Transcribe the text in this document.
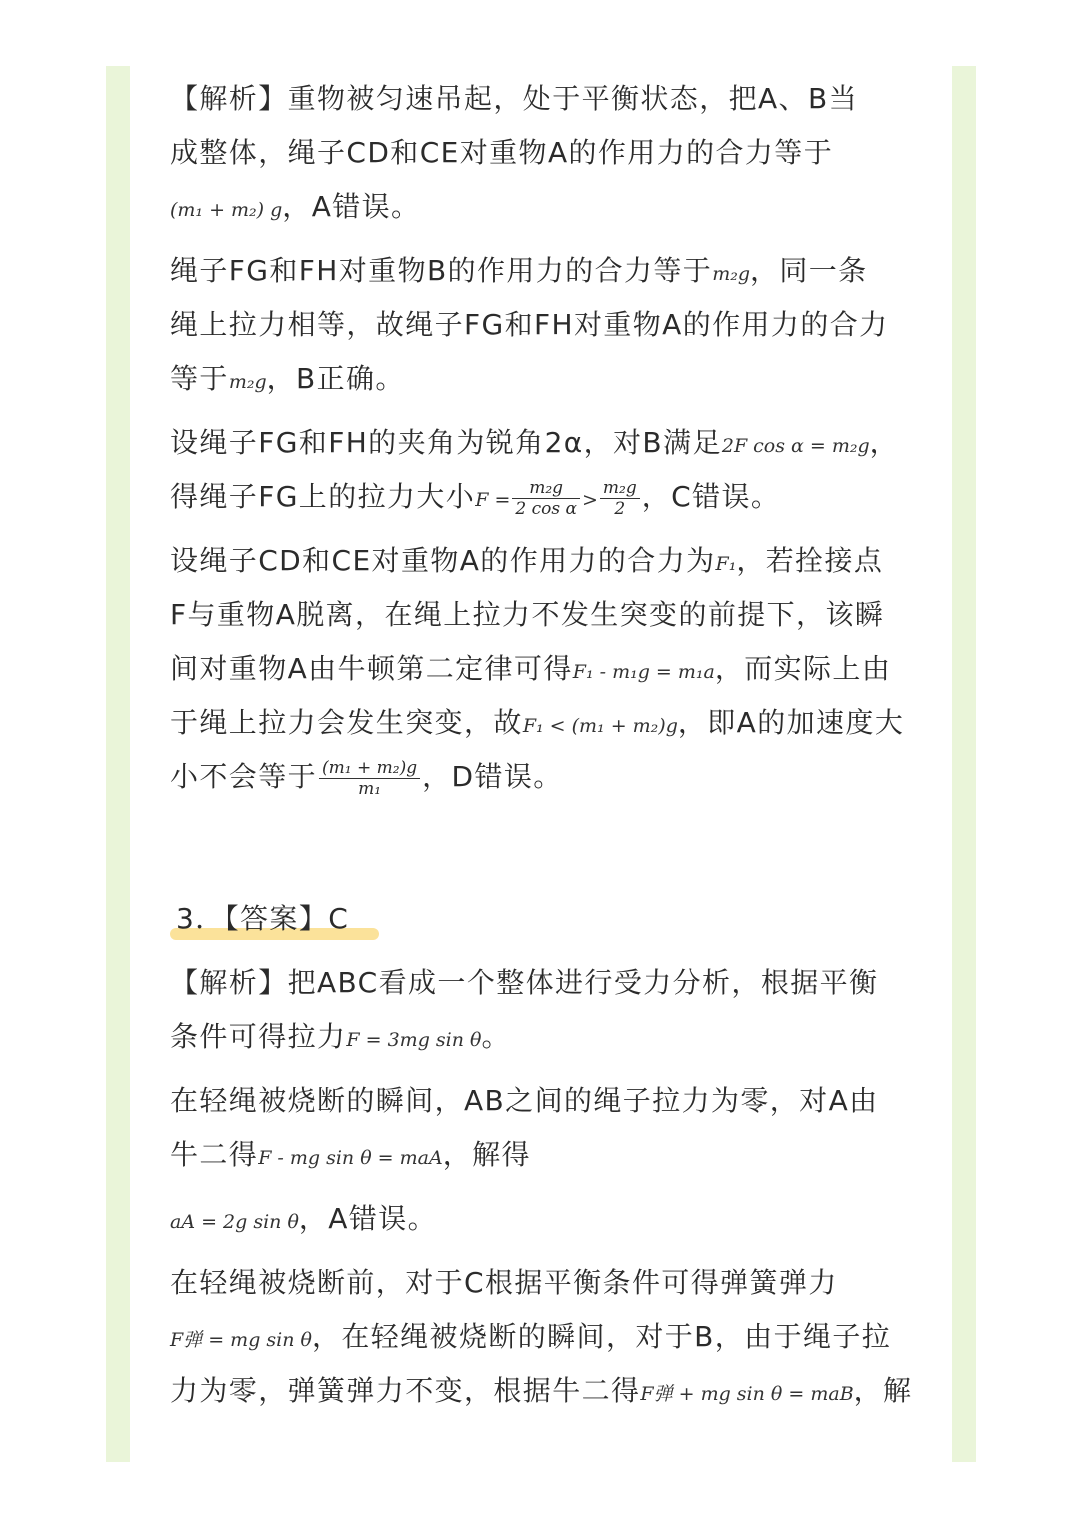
【解析】重物被匀速吊起，处于平衡状态，把A、B当
成整体，绳子CD和CE对重物A的作用力的合力等于
(m₁ + m₂) g，A错误。
绳子FG和FH对重物B的作用力的合力等于m₂g，同一条
绳上拉力相等，故绳子FG和FH对重物A的作用力的合力
等于m₂g，B正确。
设绳子FG和FH的夹角为锐角2α，对B满足2F cos α = m₂g，
得绳子FG上的拉力大小$F = \frac{\text{m₂g}}{\text{2 cos α}} > \frac{\text{m₂g}}{2}$ ，C错误。
设绳子CD和CE对重物A的作用力的合力为F₁，若拴接点
F与重物A脱离，在绳上拉力不发生突变的前提下，该瞬
间对重物A由牛顿第二定律可得F₁ - m₁g = m₁a，而实际上由
于绳上拉力会发生突变，故F₁ < (m₁ + m₂)g，即A的加速度大
小不会等于 $\frac{\text{(m₁ + m₂)g}}{\text{m₁}}$ ，D错误。
3．【答案】C
【解析】把ABC看成一个整体进行受力分析，根据平衡
条件可得拉力F = 3mg sin θ。
在轻绳被烧断的瞬间，AB之间的绳子拉力为零，对A由
牛二得F - mg sin θ = maA，解得
aA = 2g sin θ，A错误。
在轻绳被烧断前，对于C根据平衡条件可得弹簧弹力
F弹 = mg sin θ，在轻绳被烧断的瞬间，对于B，由于绳子拉
力为零，弹簧弹力不变，根据牛二得F弹 + mg sin θ = maB，解
